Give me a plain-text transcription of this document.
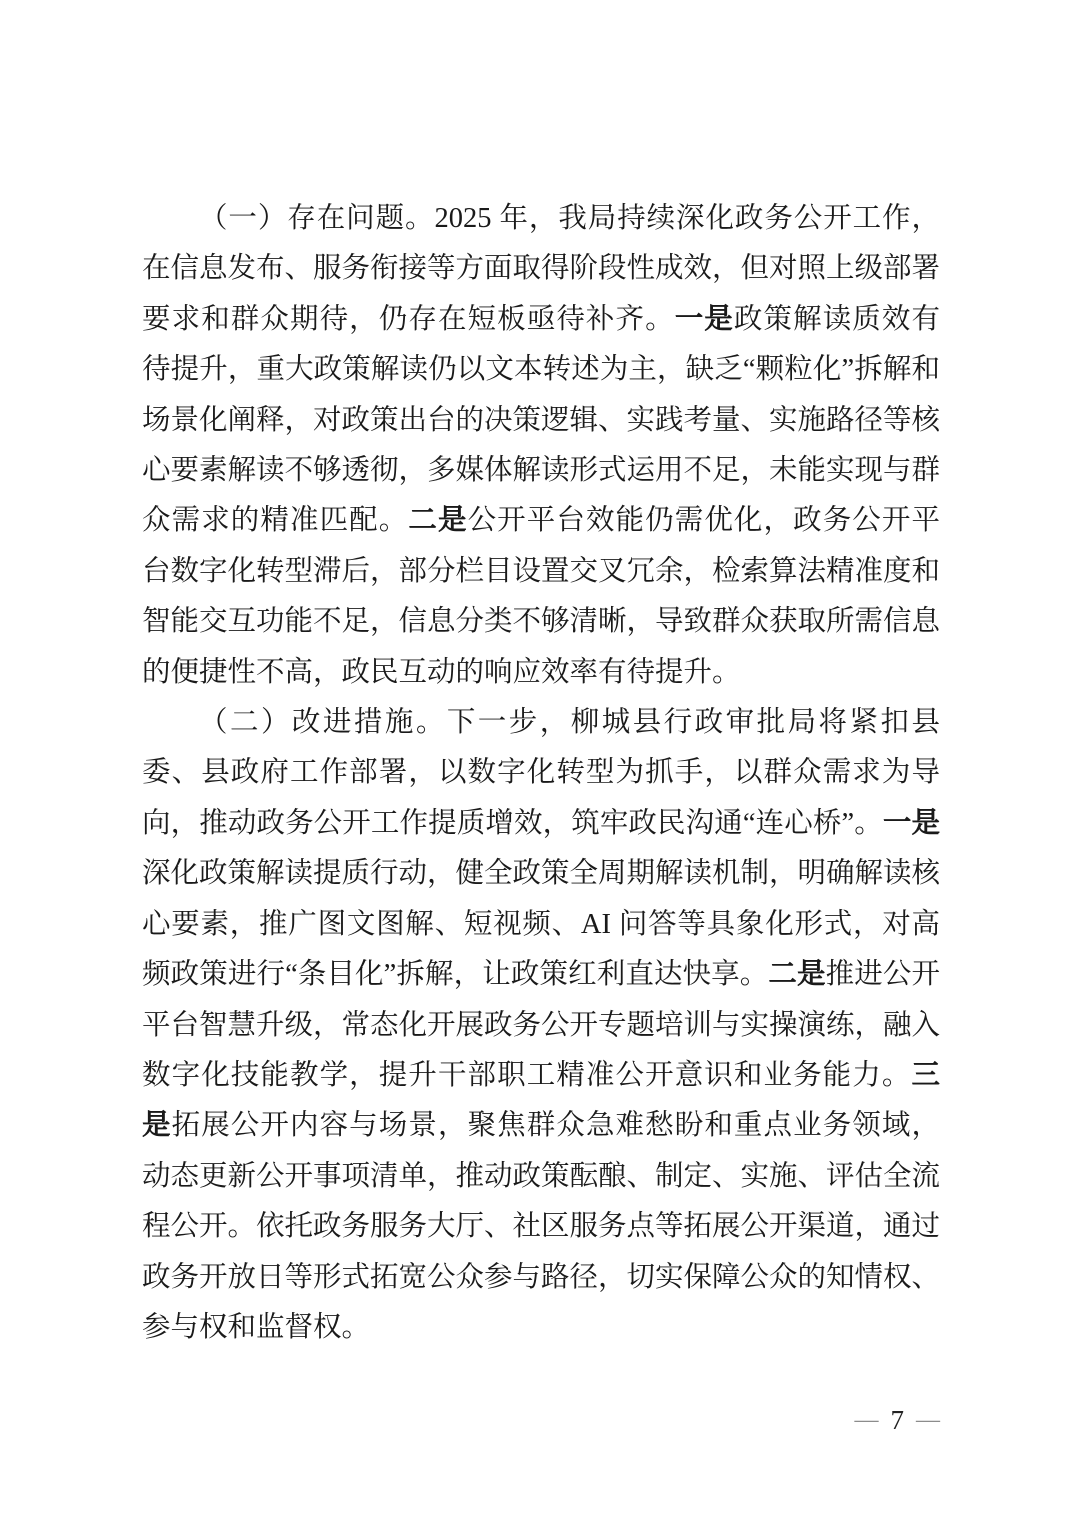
（一）存在问题。2025 年，我局持续深化政务公开工作，在信息发布、服务衔接等方面取得阶段性成效，但对照上级部署要求和群众期待，仍存在短板亟待补齐。一是政策解读质效有待提升，重大政策解读仍以文本转述为主，缺乏“颗粒化”拆解和场景化阐释，对政策出台的决策逻辑、实践考量、实施路径等核心要素解读不够透彻，多媒体解读形式运用不足，未能实现与群众需求的精准匹配。二是公开平台效能仍需优化，政务公开平台数字化转型滞后，部分栏目设置交叉冗余，检索算法精准度和智能交互功能不足，信息分类不够清晰，导致群众获取所需信息的便捷性不高，政民互动的响应效率有待提升。

（二）改进措施。下一步，柳城县行政审批局将紧扣县委、县政府工作部署，以数字化转型为抓手，以群众需求为导向，推动政务公开工作提质增效，筑牢政民沟通“连心桥”。一是深化政策解读提质行动，健全政策全周期解读机制，明确解读核心要素，推广图文图解、短视频、AI 问答等具象化形式，对高频政策进行“条目化”拆解，让政策红利直达快享。二是推进公开平台智慧升级，常态化开展政务公开专题培训与实操演练，融入数字化技能教学，提升干部职工精准公开意识和业务能力。三是拓展公开内容与场景，聚焦群众急难愁盼和重点业务领域，动态更新公开事项清单，推动政策酝酿、制定、实施、评估全流程公开。依托政务服务大厅、社区服务点等拓展公开渠道，通过政务开放日等形式拓宽公众参与路径，切实保障公众的知情权、参与权和监督权。

— 7 —
